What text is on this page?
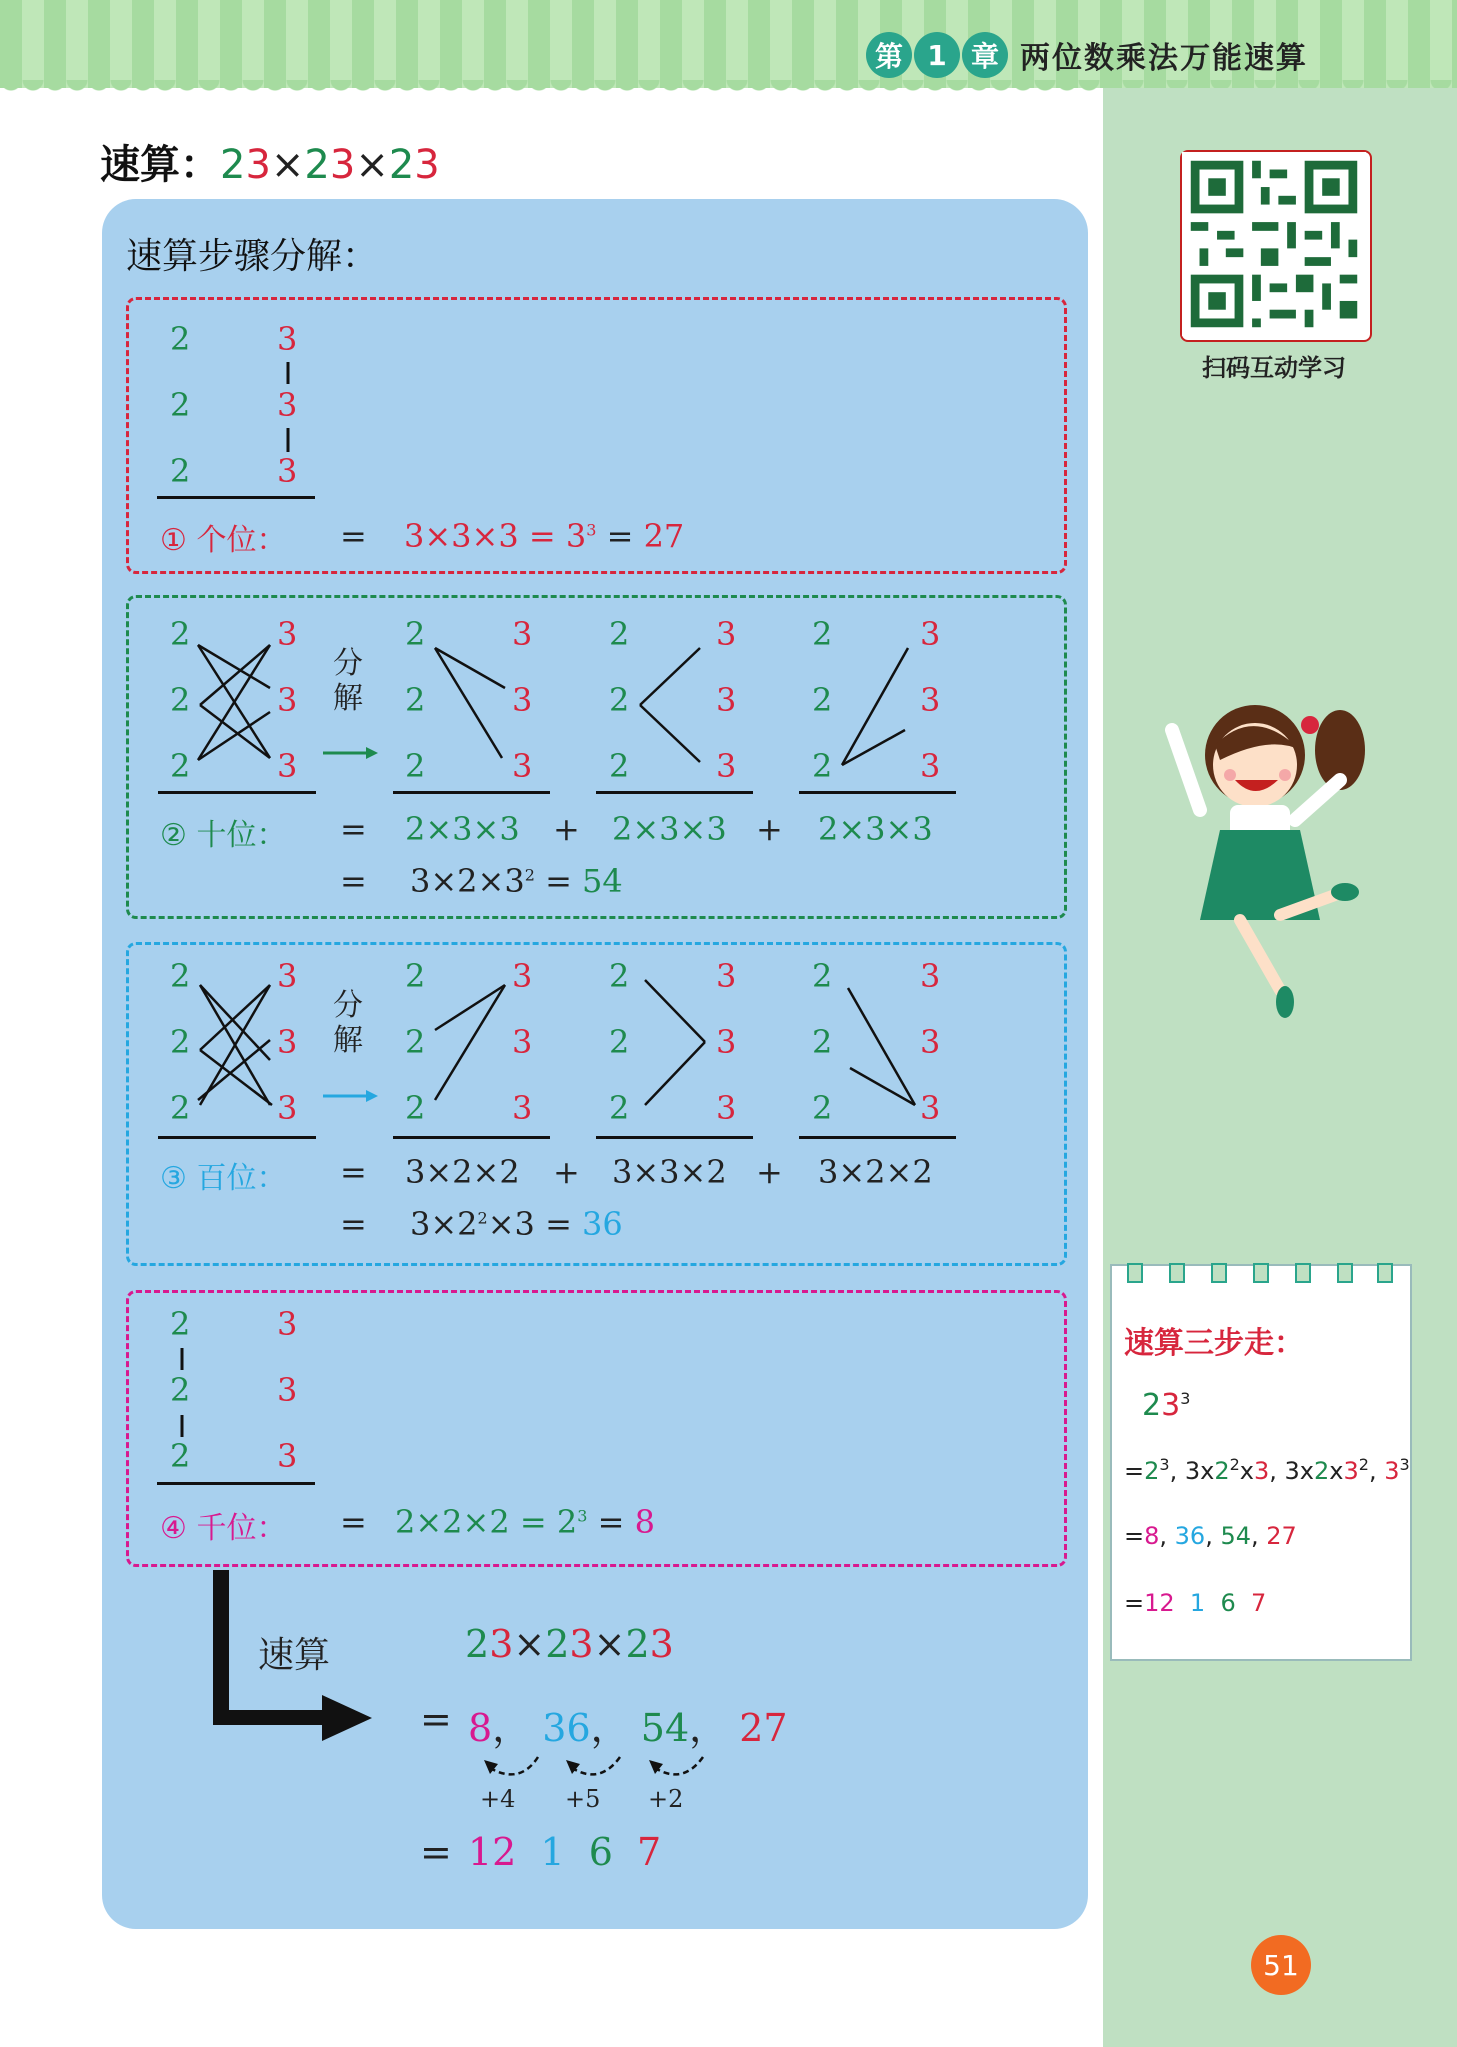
第 1 章 两位数乘法万能速算
速算：23×23×23
速算步骤分解：
2	3
2	3
2	3
① 个位： = $3\times 3\times 3 = 3^3 = 27$
2	3
2	3
2	3
2	3
2	3
2	3
2	3
2	3
2	3
2	3
2	3
2	3
分
解
② 十位： = 2×3×3 + 2×3×3 + 2×3×3
= $3\times 2\times 3^2 = 54$
2	3
2	3
2	3
2	3
2	3
2	3
2	3
2	3
2	3
2	3
2	3
2	3
分
解
③ 百位： = 3×2×2 + 3×3×2 + 3×2×2
= $3\times 2^2\times 3 = 36$
2	3
2	3
2	3
④ 千位： = $2\times 2\times 2 = 2^3 = 8$
速算	23×23×23
= 8， 36， 54， 27
+4 +5 +2
= 12 1 6 7
扫码互动学习
速算三步走：
$23^3$
$=2^3$, $3x2^2x3$, $3x2x3^2$, $3^3$
=8, 36, 54, 27
=12 1 6 7
51
